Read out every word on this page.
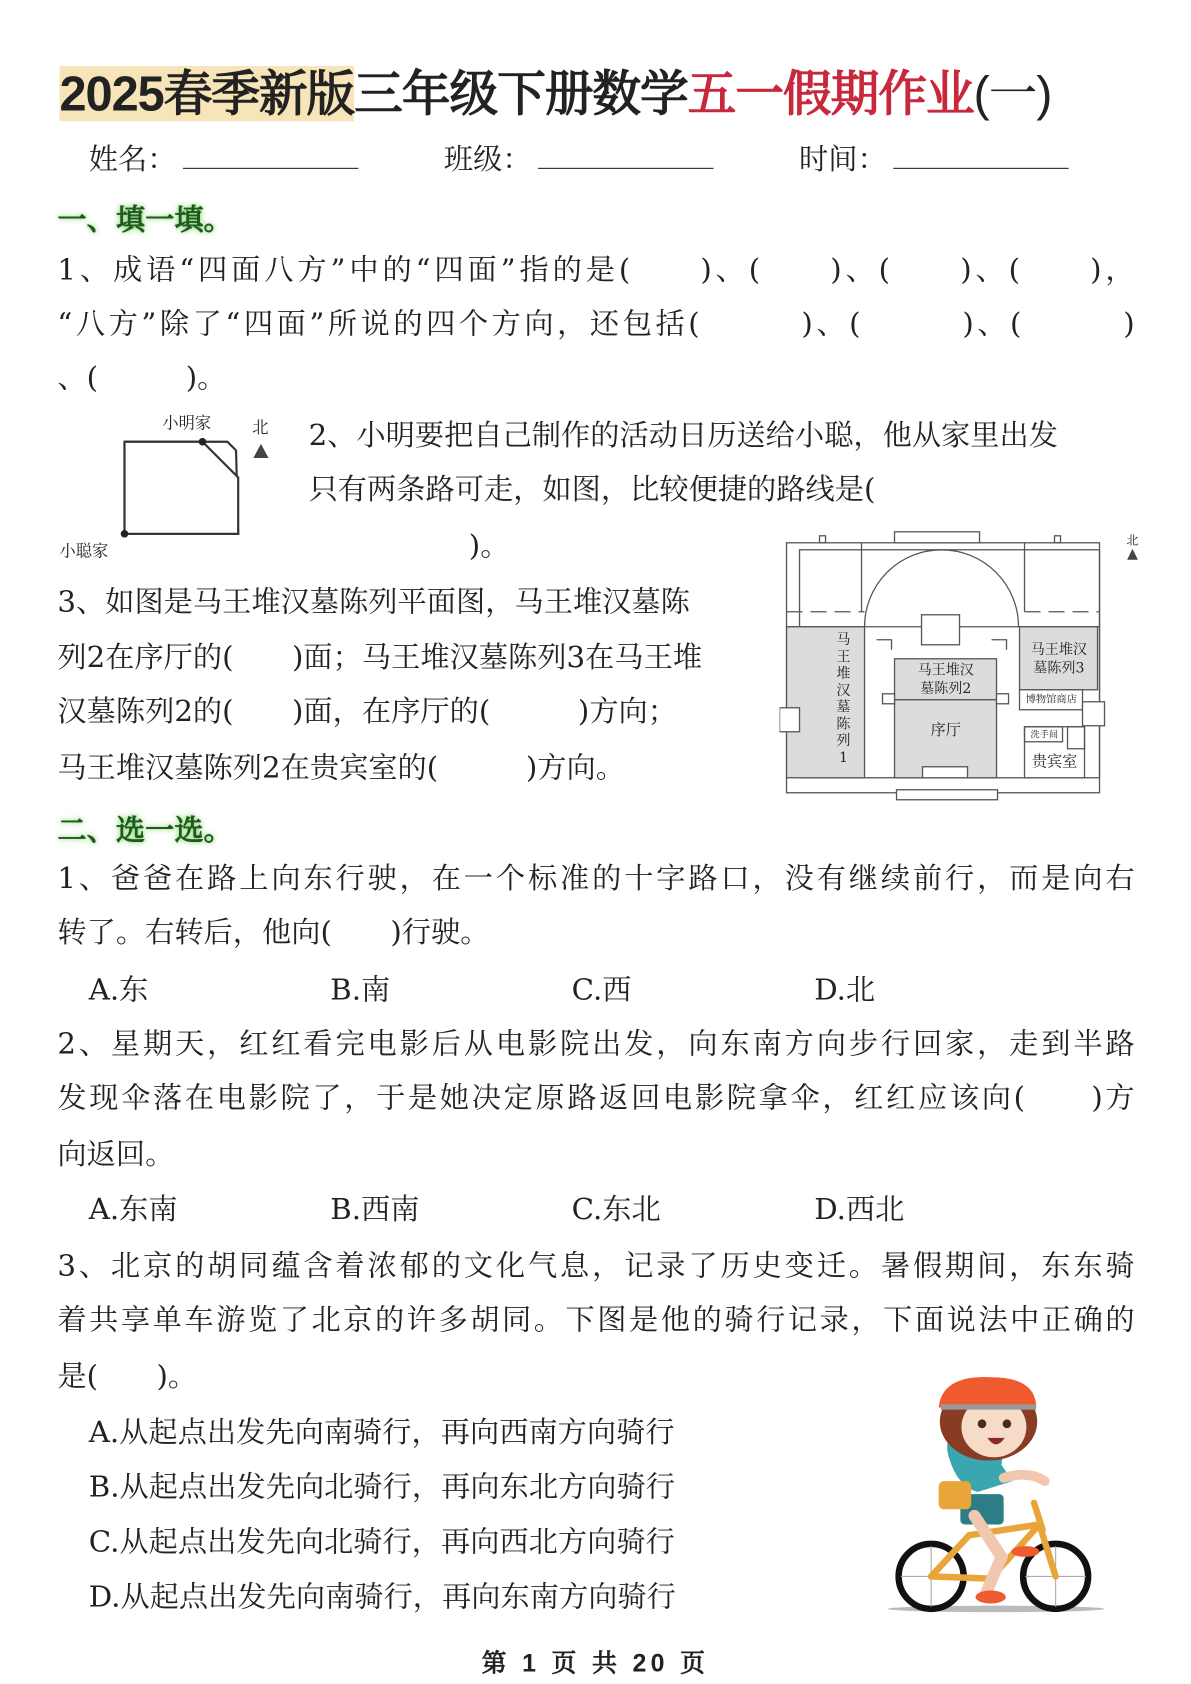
2025春季新版三年级下册数学五一假期作业(一)
姓名：	班级：	时间：
一、填一填。
1、成语“四面八方”中的“四面”指的是(　　)、(　　)、(　　)、(　　)，
“八方”除了“四面”所说的四个方向，还包括(　　　)、(　　　)、(　　　)
、(　　　)。
小明家	北
小聪家
2、小明要把自己制作的活动日历送给小聪，他从家里出发
只有两条路可走，如图，比较便捷的路线是(
)。
3、如图是马王堆汉墓陈列平面图，马王堆汉墓陈
列2在序厅的(　　)面；马王堆汉墓陈列3在马王堆
汉墓陈列2的(　　)面，在序厅的(　　　)方向；
马王堆汉墓陈列2在贵宾室的(　　　)方向。
马
王
堆
汉
墓
陈
列
1
马王堆汉
墓陈列2
序厅
马王堆汉
墓陈列3
博物馆商店
洗手间
贵宾室
北
二、选一选。
1、爸爸在路上向东行驶，在一个标准的十字路口，没有继续前行，而是向右
转了。右转后，他向(　　)行驶。
A.东	B.南	C.西	D.北
2、星期天，红红看完电影后从电影院出发，向东南方向步行回家，走到半路
发现伞落在电影院了，于是她决定原路返回电影院拿伞，红红应该向(　　)方
向返回。
A.东南	B.西南	C.东北	D.西北
3、北京的胡同蕴含着浓郁的文化气息，记录了历史变迁。暑假期间，东东骑
着共享单车游览了北京的许多胡同。下图是他的骑行记录，下面说法中正确的
是(　　)。
A.从起点出发先向南骑行，再向西南方向骑行
B.从起点出发先向北骑行，再向东北方向骑行
C.从起点出发先向北骑行，再向西北方向骑行
D.从起点出发先向南骑行，再向东南方向骑行
第 1 页 共 20 页
